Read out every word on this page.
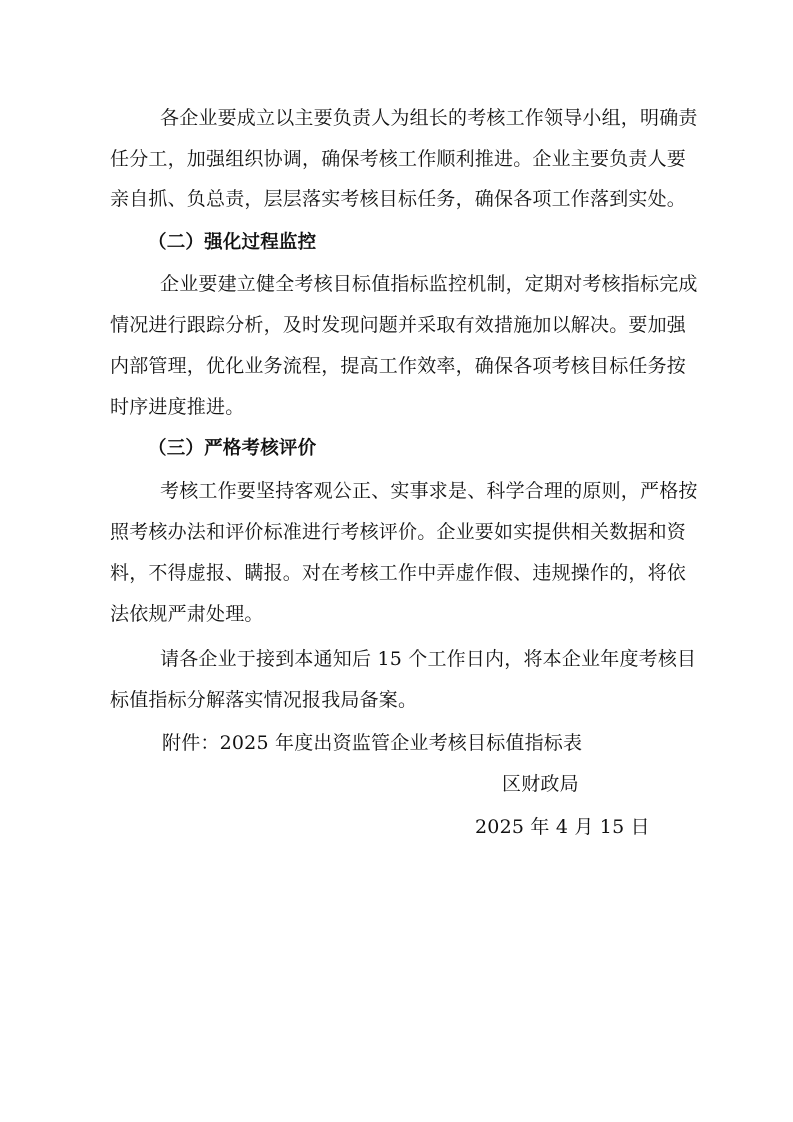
各企业要成立以主要负责人为组长的考核工作领导小组，明确责
任分工，加强组织协调，确保考核工作顺利推进。企业主要负责人要
亲自抓、负总责，层层落实考核目标任务，确保各项工作落到实处。
（二）强化过程监控
企业要建立健全考核目标值指标监控机制，定期对考核指标完成
情况进行跟踪分析，及时发现问题并采取有效措施加以解决。要加强
内部管理，优化业务流程，提高工作效率，确保各项考核目标任务按
时序进度推进。
（三）严格考核评价
考核工作要坚持客观公正、实事求是、科学合理的原则，严格按
照考核办法和评价标准进行考核评价。企业要如实提供相关数据和资
料，不得虚报、瞒报。对在考核工作中弄虚作假、违规操作的，将依
法依规严肃处理。
请各企业于接到本通知后 15 个工作日内，将本企业年度考核目
标值指标分解落实情况报我局备案。
附件：2025 年度出资监管企业考核目标值指标表
区财政局
2025 年 4 月 15 日
